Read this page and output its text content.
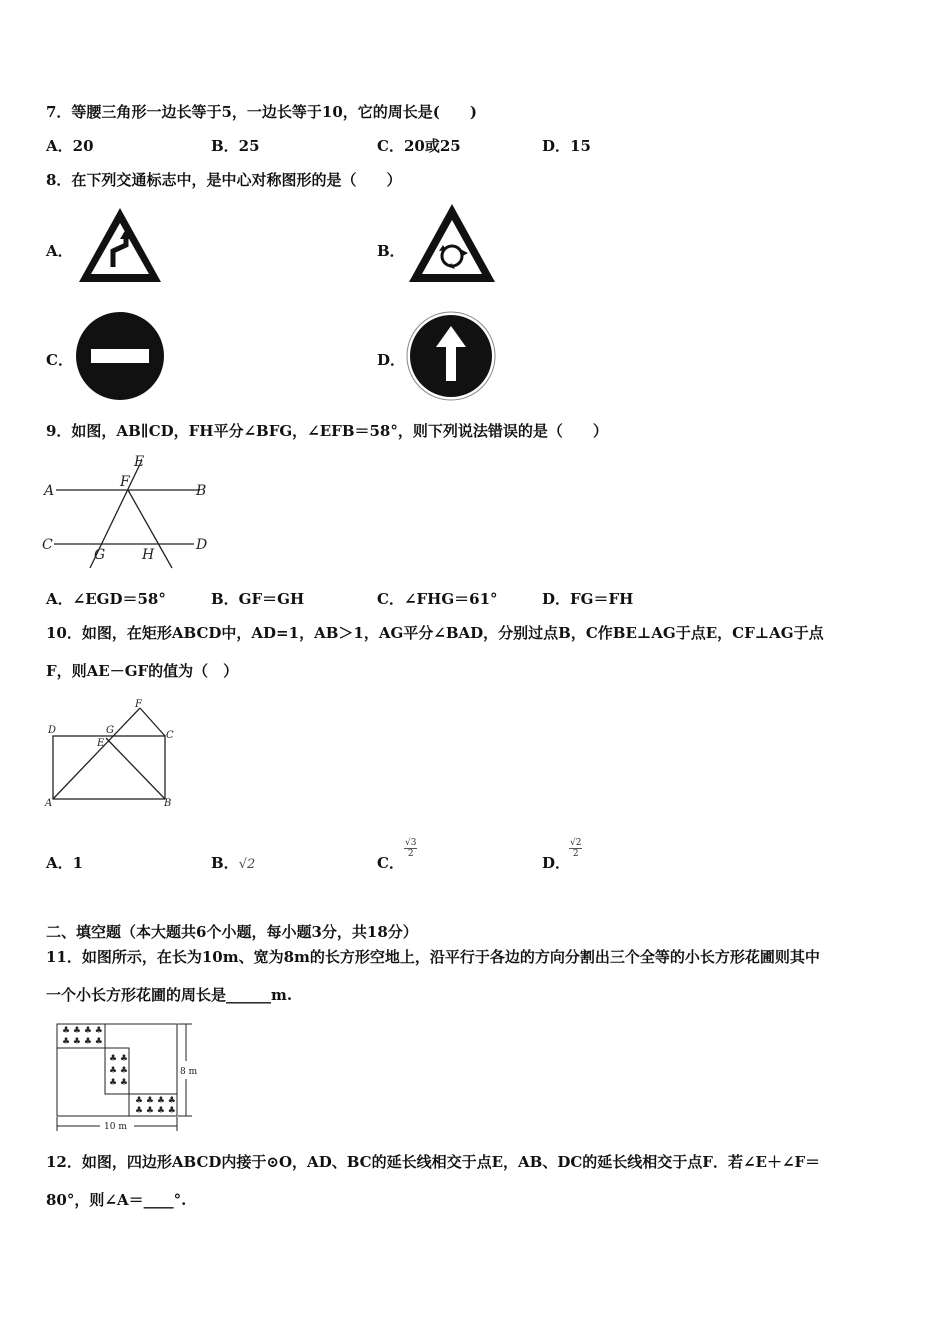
7．等腰三角形一边长等于5，一边长等于10，它的周长是(　　)
A．20	B．25	C．20或25	D．15
8．在下列交通标志中，是中心对称图形的是（　　）
A．	B．
C．	D．
9．如图，AB∥CD，FH平分∠BFG，∠EFB＝58°，则下列说法错误的是（　　）
E
F
A	B
C
G	H
D
A．∠EGD＝58°	B．GF＝GH	C．∠FHG＝61°	D．FG＝FH
10．如图，在矩形ABCD中，AD=1，AB＞1，AG平分∠BAD，分别过点B，C作BE⊥AG于点E，CF⊥AG于点
F，则AE－GF的值为（　）
F
D	G	C
E
A	B
A．1	B．√2	C．
$\frac{√3}{2}$
D．
$\frac{√2}{2}$
二、填空题（本大题共6个小题，每小题3分，共18分）
11．如图所示，在长为10m、宽为8m的长方形空地上，沿平行于各边的方向分割出三个全等的小长方形花圃则其中
一个小长方形花圃的周长是______m.
♣ ♣ ♣ ♣
♣ ♣ ♣ ♣
♣ ♣
♣ ♣
♣ ♣
♣ ♣ ♣ ♣
♣ ♣ ♣ ♣
8 m
10 m
12．如图，四边形ABCD内接于⊙O，AD、BC的延长线相交于点E，AB、DC的延长线相交于点F．若∠E＋∠F＝
80°，则∠A＝____°.
